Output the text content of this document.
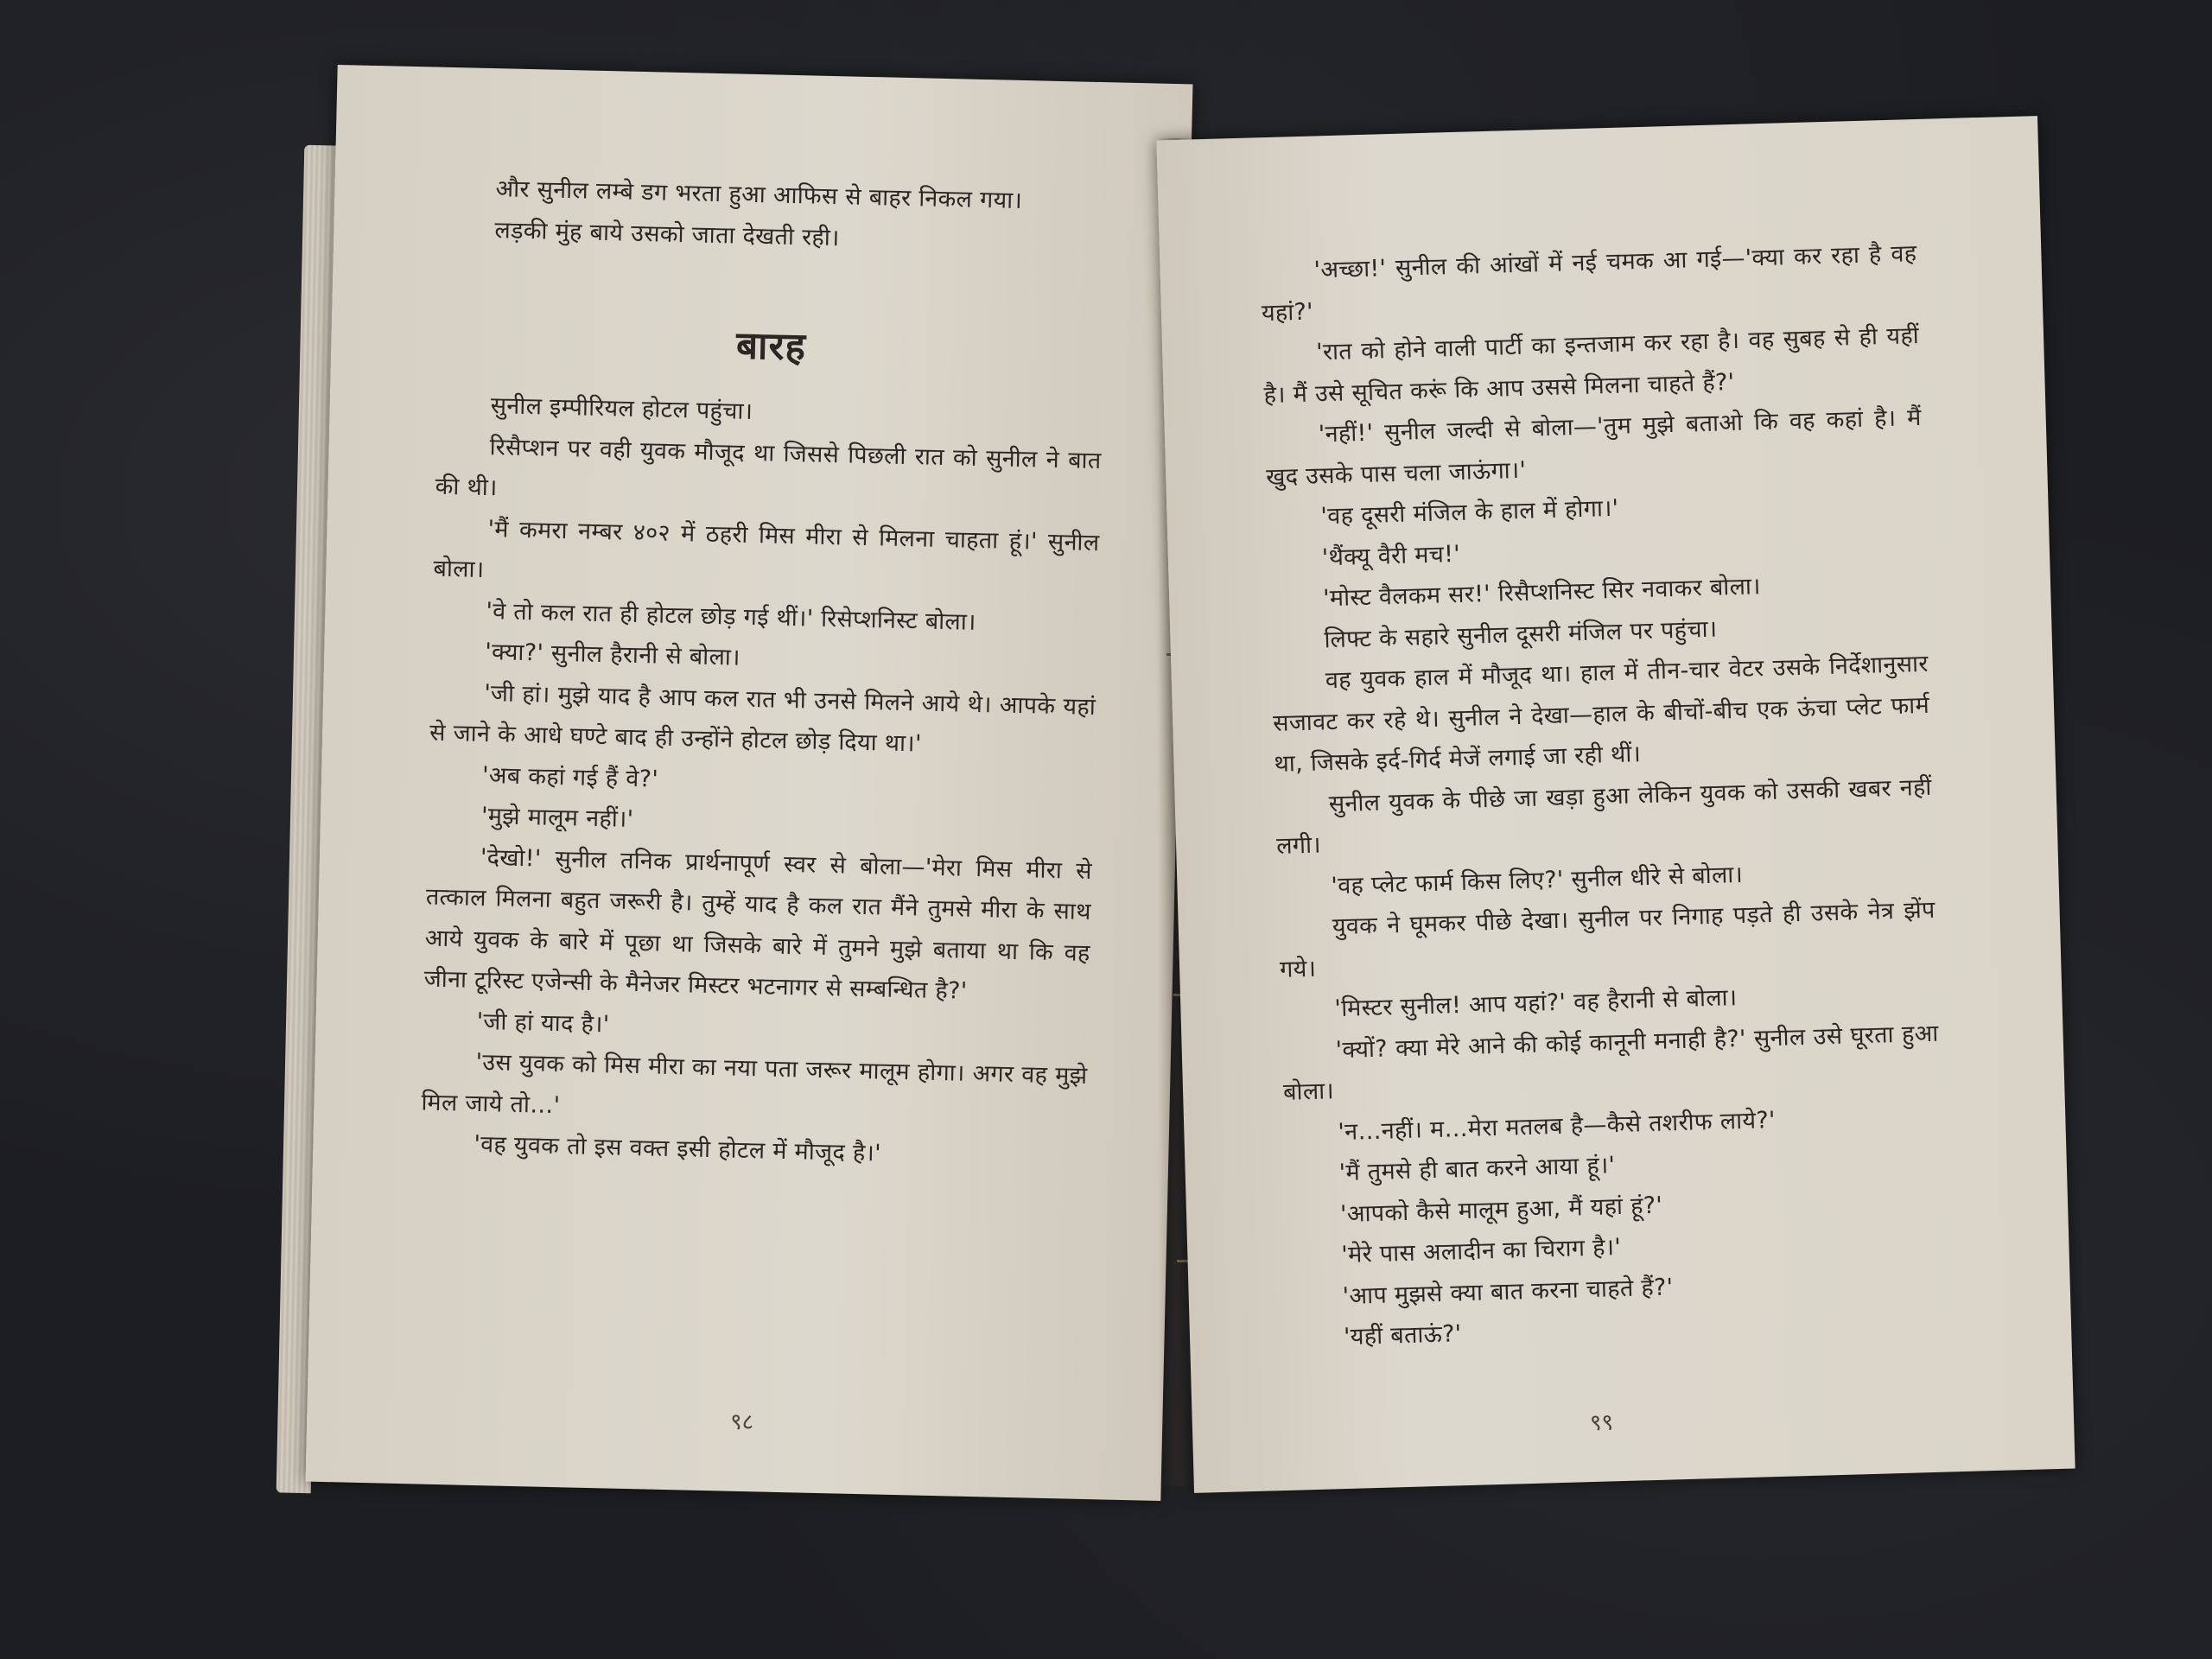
और सुनील लम्बे डग भरता हुआ आफिस से बाहर निकल गया।

लड़की मुंह बाये उसको जाता देखती रही।

बारह

सुनील इम्पीरियल होटल पहुंचा।

रिसैप्शन पर वही युवक मौजूद था जिससे पिछली रात को सुनील ने बात की थी।

'मैं कमरा नम्बर ४०२ में ठहरी मिस मीरा से मिलना चाहता हूं।' सुनील बोला।

'वे तो कल रात ही होटल छोड़ गई थीं।' रिसेप्शनिस्ट बोला।

'क्या?' सुनील हैरानी से बोला।

'जी हां। मुझे याद है आप कल रात भी उनसे मिलने आये थे। आपके यहां से जाने के आधे घण्टे बाद ही उन्होंने होटल छोड़ दिया था।'

'अब कहां गई हैं वे?'

'मुझे मालूम नहीं।'

'देखो!' सुनील तनिक प्रार्थनापूर्ण स्वर से बोला—'मेरा मिस मीरा से तत्काल मिलना बहुत जरूरी है। तुम्हें याद है कल रात मैंने तुमसे मीरा के साथ आये युवक के बारे में पूछा था जिसके बारे में तुमने मुझे बताया था कि वह जीना टूरिस्ट एजेन्सी के मैनेजर मिस्टर भटनागर से सम्बन्धित है?'

'जी हां याद है।'

'उस युवक को मिस मीरा का नया पता जरूर मालूम होगा। अगर वह मुझे मिल जाये तो…'

'वह युवक तो इस वक्त इसी होटल में मौजूद है।'

९८

'अच्छा!' सुनील की आंखों में नई चमक आ गई—'क्या कर रहा है वह यहां?'

'रात को होने वाली पार्टी का इन्तजाम कर रहा है। वह सुबह से ही यहीं है। मैं उसे सूचित करूं कि आप उससे मिलना चाहते हैं?'

'नहीं!' सुनील जल्दी से बोला—'तुम मुझे बताओ कि वह कहां है। मैं खुद उसके पास चला जाऊंगा।'

'वह दूसरी मंजिल के हाल में होगा।'

'थैंक्यू वैरी मच!'

'मोस्ट वैलकम सर!' रिसैप्शनिस्ट सिर नवाकर बोला।

लिफ्ट के सहारे सुनील दूसरी मंजिल पर पहुंचा।

वह युवक हाल में मौजूद था। हाल में तीन-चार वेटर उसके निर्देशानुसार सजावट कर रहे थे। सुनील ने देखा—हाल के बीचों-बीच एक ऊंचा प्लेट फार्म था, जिसके इर्द-गिर्द मेजें लगाई जा रही थीं।

सुनील युवक के पीछे जा खड़ा हुआ लेकिन युवक को उसकी खबर नहीं लगी।

'वह प्लेट फार्म किस लिए?' सुनील धीरे से बोला।

युवक ने घूमकर पीछे देखा। सुनील पर निगाह पड़ते ही उसके नेत्र झेंप गये।

'मिस्टर सुनील! आप यहां?' वह हैरानी से बोला।

'क्यों? क्या मेरे आने की कोई कानूनी मनाही है?' सुनील उसे घूरता हुआ बोला।

'न…नहीं। म…मेरा मतलब है—कैसे तशरीफ लाये?'

'मैं तुमसे ही बात करने आया हूं।'

'आपको कैसे मालूम हुआ, मैं यहां हूं?'

'मेरे पास अलादीन का चिराग है।'

'आप मुझसे क्या बात करना चाहते हैं?'

'यहीं बताऊं?'

९९
